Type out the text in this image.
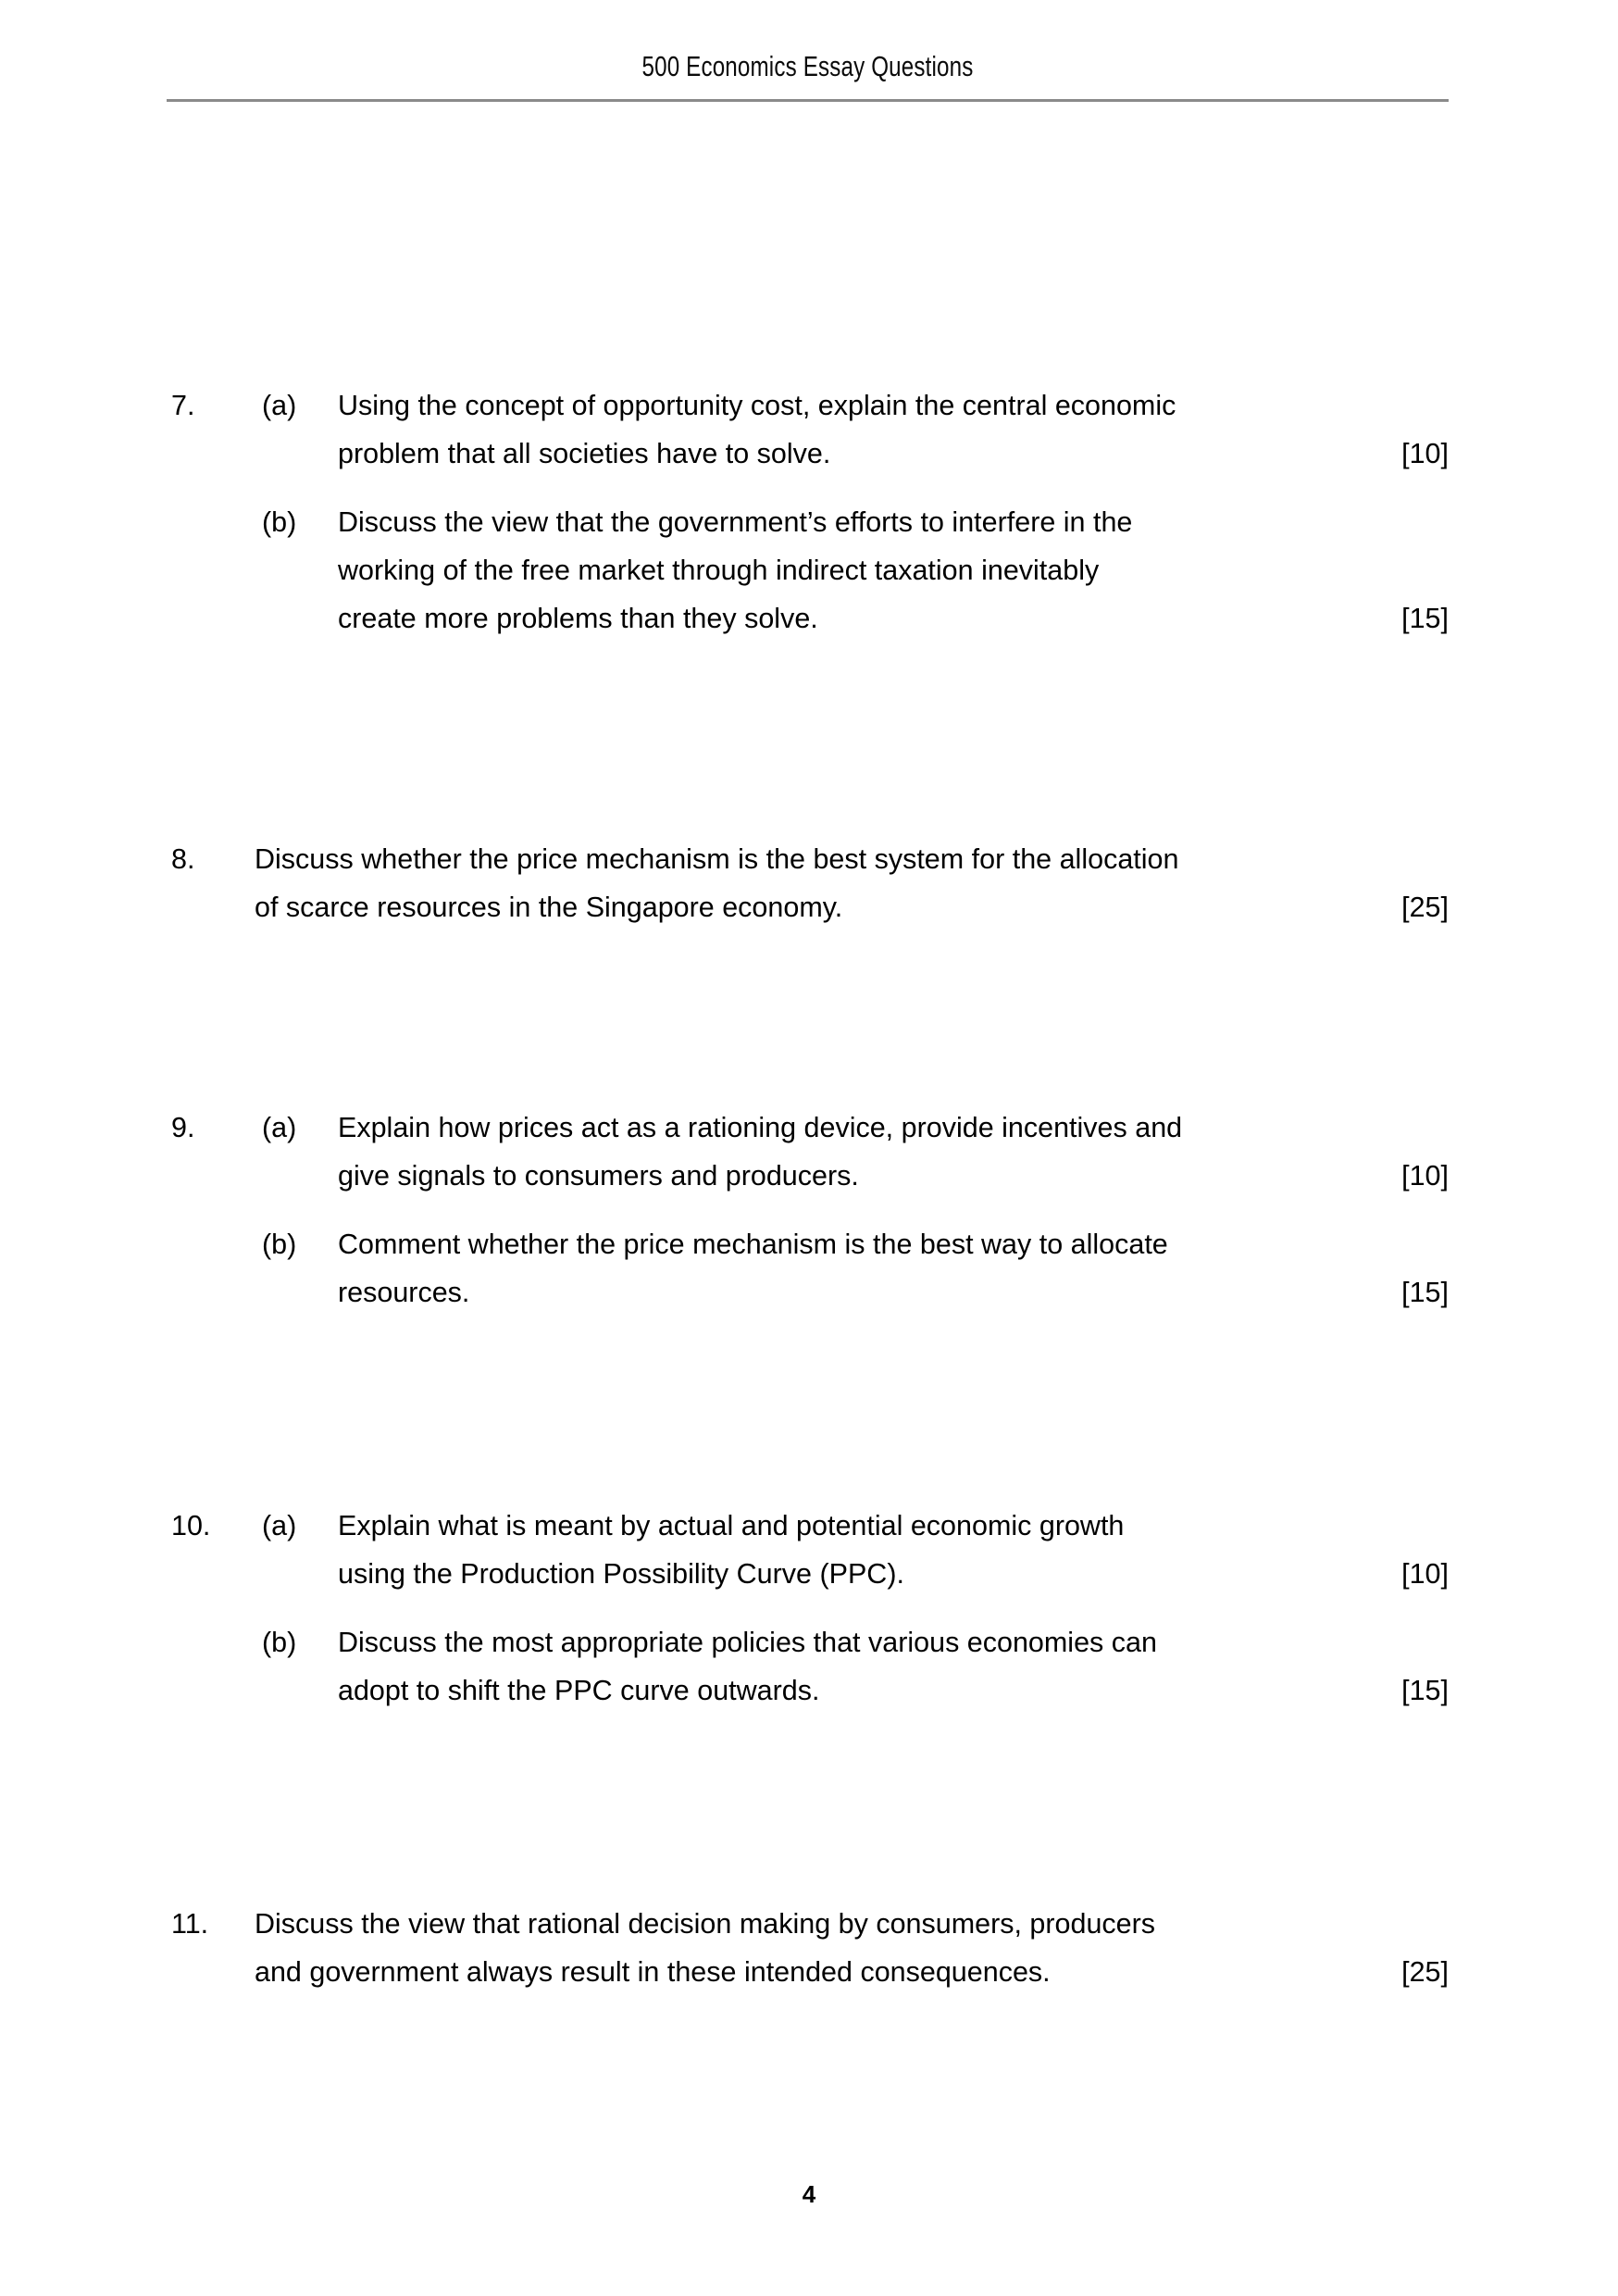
500 Economics Essay Questions
7.	(a)	Using the concept of opportunity cost, explain the central economic
problem that all societies have to solve.	[10]
(b)	Discuss the view that the government’s efforts to interfere in the
working of the free market through indirect taxation inevitably
create more problems than they solve.	[15]
8.	Discuss whether the price mechanism is the best system for the allocation
of scarce resources in the Singapore economy.	[25]
9.	(a)	Explain how prices act as a rationing device, provide incentives and
give signals to consumers and producers.	[10]
(b)	Comment whether the price mechanism is the best way to allocate
resources.	[15]
10.	(a)	Explain what is meant by actual and potential economic growth
using the Production Possibility Curve (PPC).	[10]
(b)	Discuss the most appropriate policies that various economies can
adopt to shift the PPC curve outwards.	[15]
11.	Discuss the view that rational decision making by consumers, producers
and government always result in these intended consequences.	[25]
4
